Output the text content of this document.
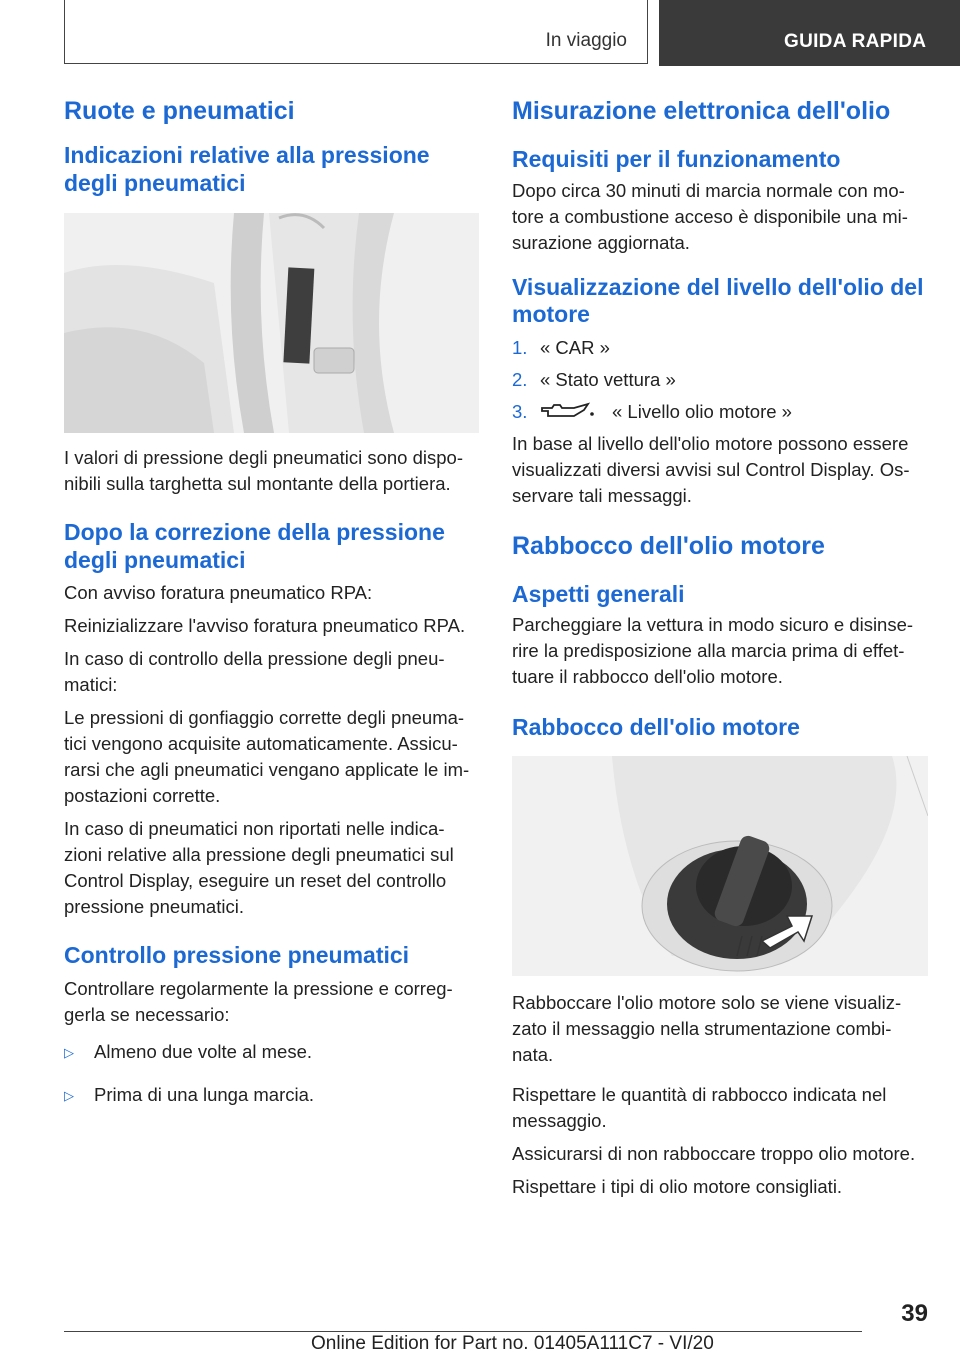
In viaggio	GUIDA RAPIDA
Ruote e pneumatici
Indicazioni relative alla pressione degli pneumatici

I valori di pressione degli pneumatici sono dispo-nibili sulla targhetta sul montante della portiera.

Dopo la correzione della pressione degli pneumatici

Con avviso foratura pneumatico RPA:

Reinizializzare l'avviso foratura pneumatico RPA.

In caso di controllo della pressione degli pneu-matici:

Le pressioni di gonfiaggio corrette degli pneuma-tici vengono acquisite automaticamente. Assicu-rarsi che agli pneumatici vengano applicate le im-postazioni corrette.

In caso di pneumatici non riportati nelle indica-zioni relative alla pressione degli pneumatici sul Control Display, eseguire un reset del controllo pressione pneumatici.

Controllo pressione pneumatici

Controllare regolarmente la pressione e correg-gerla se necessario:

▷	Almeno due volte al mese.
▷	Prima di una lunga marcia.
Misurazione elettronica dell'olio
Requisiti per il funzionamento

Dopo circa 30 minuti di marcia normale con mo-tore a combustione acceso è disponibile una mi-surazione aggiornata.

Visualizzazione del livello dell'olio del motore
1. « CAR »
2. « Stato vettura »
3.	« Livello olio motore »

In base al livello dell'olio motore possono essere visualizzati diversi avvisi sul Control Display. Os-servare tali messaggi.

Rabbocco dell'olio motore
Aspetti generali

Parcheggiare la vettura in modo sicuro e disinse-rire la predisposizione alla marcia prima di effet-tuare il rabbocco dell'olio motore.

Rabbocco dell'olio motore

Rabboccare l'olio motore solo se viene visualiz-zato il messaggio nella strumentazione combi-nata.

Rispettare le quantità di rabbocco indicata nel messaggio.

Assicurarsi di non rabboccare troppo olio motore.

Rispettare i tipi di olio motore consigliati.

39
Online Edition for Part no. 01405A111C7 - VI/20
